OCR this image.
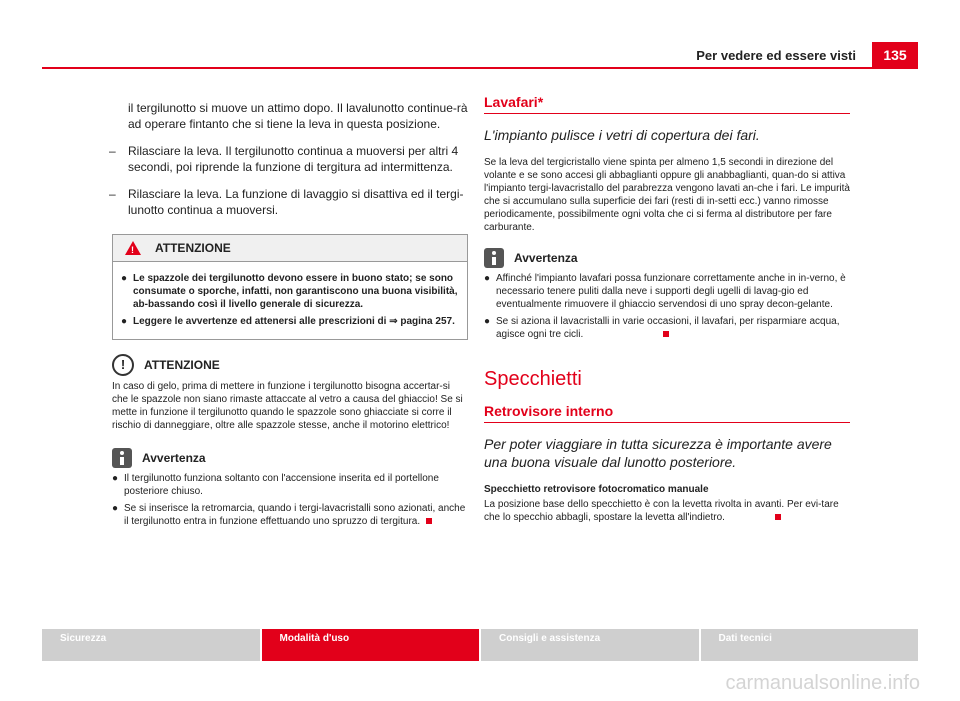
Per vedere ed essere visti	135
il tergilunotto si muove un attimo dopo. Il lavalunotto continue-rà ad operare fintanto che si tiene la leva in questa posizione.
– Rilasciare la leva. Il tergilunotto continua a muoversi per altri 4 secondi, poi riprende la funzione di tergitura ad intermittenza.
– Rilasciare la leva. La funzione di lavaggio si disattiva ed il tergi-lunotto continua a muoversi.
! ATTENZIONE
● Le spazzole dei tergilunotto devono essere in buono stato; se sono consumate o sporche, infatti, non garantiscono una buona visibilità, ab-bassando così il livello generale di sicurezza.
● Leggere le avvertenze ed attenersi alle prescrizioni di ⇒ pagina 257.
!	ATTENZIONE

In caso di gelo, prima di mettere in funzione i tergilunotto bisogna accertar-si che le spazzole non siano rimaste attaccate al vetro a causa del ghiaccio! Se si mette in funzione il tergilunotto quando le spazzole sono ghiacciate si corre il rischio di danneggiare, oltre alle spazzole stesse, anche il motorino elettrico!

Avvertenza
● Il tergilunotto funziona soltanto con l'accensione inserita ed il portellone posteriore chiuso.
● Se si inserisce la retromarcia, quando i tergi-lavacristalli sono azionati, anche il tergilunotto entra in funzione effettuando uno spruzzo di tergitura.
Lavafari*
L'impianto pulisce i vetri di copertura dei fari.

Se la leva del tergicristallo viene spinta per almeno 1,5 secondi in direzione del volante e se sono accesi gli abbaglianti oppure gli anabbaglianti, quan-do si attiva l'impianto tergi-lavacristallo del parabrezza vengono lavati an-che i fari. Le impurità che si accumulano sulla superficie dei fari (resti di in-setti ecc.) vanno rimosse periodicamente, possibilmente ogni volta che ci si ferma al distributore per fare carburante.

Avvertenza
● Affinché l'impianto lavafari possa funzionare correttamente anche in in-verno, è necessario tenere puliti dalla neve i supporti degli ugelli di lavag-gio ed eventualmente rimuovere il ghiaccio servendosi di uno spray decon-gelante.
● Se si aziona il lavacristalli in varie occasioni, il lavafari, per risparmiare acqua, agisce ogni tre cicli.
Specchietti
Retrovisore interno
Per poter viaggiare in tutta sicurezza è importante avere una buona visuale dal lunotto posteriore.
Specchietto retrovisore fotocromatico manuale

La posizione base dello specchietto è con la levetta rivolta in avanti. Per evi-tare che lo specchio abbagli, spostare la levetta all'indietro.

Sicurezza	Modalità d'uso	Consigli e assistenza	Dati tecnici
carmanualsonline.info
